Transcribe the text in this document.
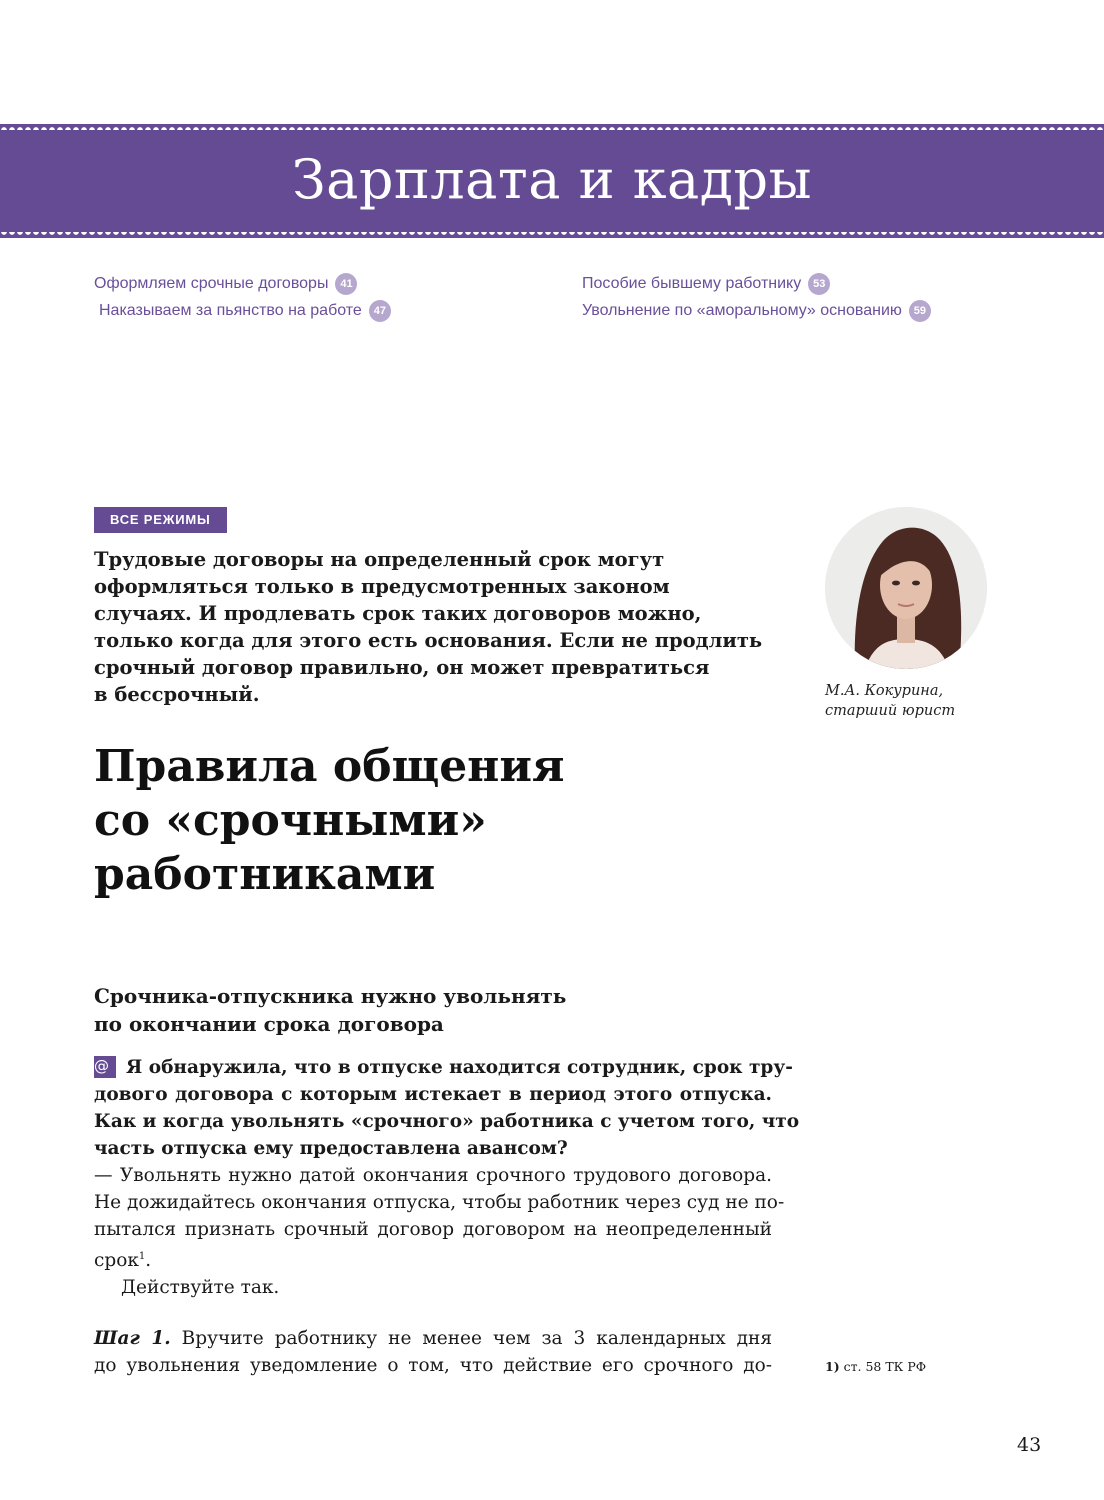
Зарплата и кадры
Оформляем срочные договоры	41
Наказываем за пьянство на работе	47
Пособие бывшему работнику	53
Увольнение по «аморальному» основанию	59
ВСЕ РЕЖИМЫ
Трудовые договоры на определенный срок могут
оформляться только в предусмотренных законом
случаях. И продлевать срок таких договоров можно,
только когда для этого есть основания. Если не продлить
срочный договор правильно, он может превратиться
в бессрочный.	М.А. Кокурина,
старший юрист
Правила общения
со «срочными»
работниками
Срочника-отпускника нужно увольнять
по окончании срока договора
@ Я обнаружила, что в отпуске находится сотрудник, срок тру-
дового договора с которым истекает в период этого отпуска.
Как и когда увольнять «срочного» работника с учетом того, что
часть отпуска ему предоставлена авансом?
— Увольнять нужно датой окончания срочного трудового договора.
Не дожидайтесь окончания отпуска, чтобы работник через суд не по-
пытался признать срочный договор договором на неопределенный
срок$^1$.
Действуйте так.
Шаг 1. Вручите работнику не менее чем за 3 календарных дня
до увольнения уведомление о том, что действие его срочного до-	1) ст. 58 ТК РФ
43
